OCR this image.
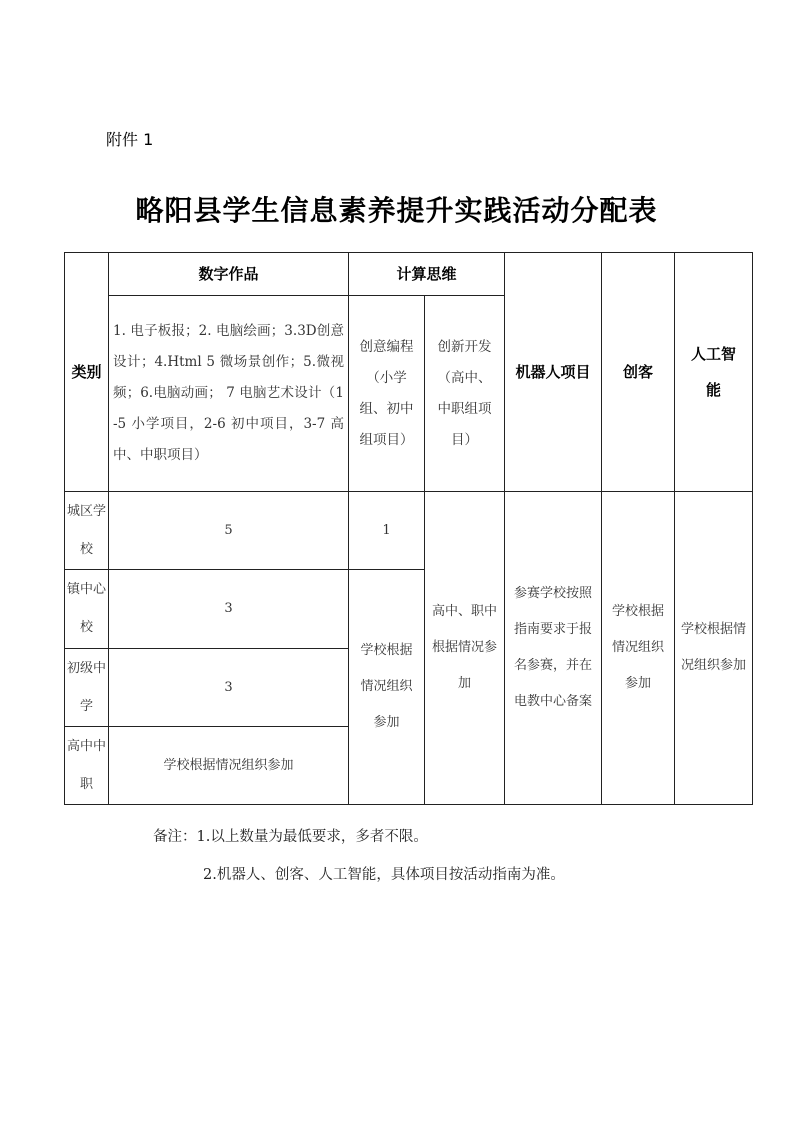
附件 1
略阳县学生信息素养提升实践活动分配表
类别	数字作品	计算思维		机器人项目	创客	人工智能
	1. 电子板报；2. 电脑绘画；3.3D创意设计；4.Html 5 微场景创作；5.微视频；6.电脑动画； 7 电脑艺术设计（1-5 小学项目，2-6 初中项目，3-7 高中、中职项目）	创意编程（小学组、初中组项目）	创新开发（高中、中职组项目）			
城区学校	5	1	高中、职中根据情况参加	参赛学校按照指南要求于报名参赛，并在电教中心备案	学校根据情况组织参加	学校根据情况组织参加
镇中心校	3	学校根据情况组织参加				
初级中学	3					
高中中职	学校根据情况组织参加					
备注：1.以上数量为最低要求，多者不限。
2.机器人、创客、人工智能，具体项目按活动指南为准。
